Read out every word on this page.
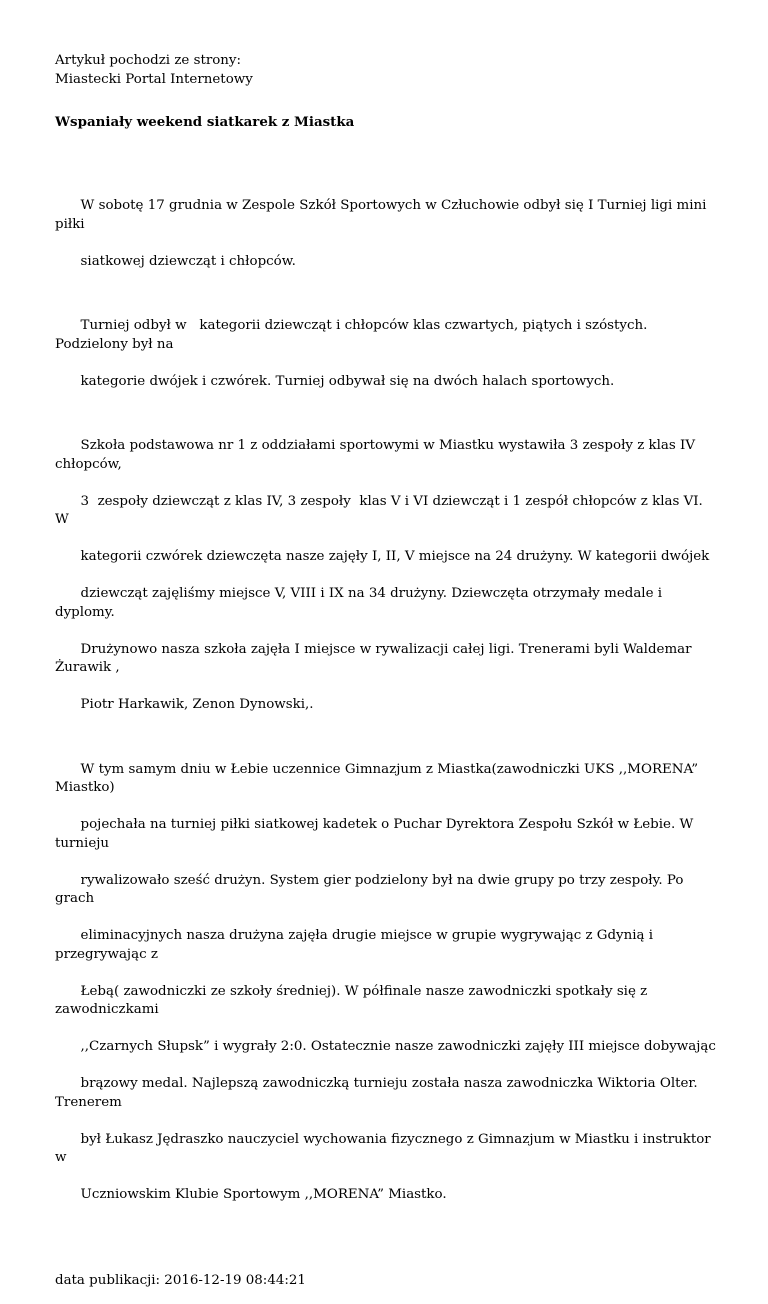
Artykuł pochodzi ze strony:

Miastecki Portal Internetowy

Wspaniały weekend siatkarek z Miastka

W sobotę 17 grudnia w Zespole Szkół Sportowych w Człuchowie odbył się I Turniej ligi mini piłki

siatkowej dziewcząt i chłopców.

Turniej odbył w   kategorii dziewcząt i chłopców klas czwartych, piątych i szóstych. Podzielony był na

kategorie dwójek i czwórek. Turniej odbywał się na dwóch halach sportowych.

Szkoła podstawowa nr 1 z oddziałami sportowymi w Miastku wystawiła 3 zespoły z klas IV chłopców,

3  zespoły dziewcząt z klas IV, 3 zespoły  klas V i VI dziewcząt i 1 zespół chłopców z klas VI. W

kategorii czwórek dziewczęta nasze zajęły I, II, V miejsce na 24 drużyny. W kategorii dwójek

dziewcząt zajęliśmy miejsce V, VIII i IX na 34 drużyny. Dziewczęta otrzymały medale i dyplomy.

Drużynowo nasza szkoła zajęła I miejsce w rywalizacji całej ligi. Trenerami byli Waldemar Żurawik ,

Piotr Harkawik, Zenon Dynowski,.

W tym samym dniu w Łebie uczennice Gimnazjum z Miastka(zawodniczki UKS ,,MORENA” Miastko)

pojechała na turniej piłki siatkowej kadetek o Puchar Dyrektora Zespołu Szkół w Łebie. W turnieju

rywalizowało sześć drużyn. System gier podzielony był na dwie grupy po trzy zespoły. Po grach

eliminacyjnych nasza drużyna zajęła drugie miejsce w grupie wygrywając z Gdynią i przegrywając z

Łebą( zawodniczki ze szkoły średniej). W półfinale nasze zawodniczki spotkały się z zawodniczkami

,,Czarnych Słupsk” i wygrały 2:0. Ostatecznie nasze zawodniczki zajęły III miejsce dobywając

brązowy medal. Najlepszą zawodniczką turnieju została nasza zawodniczka Wiktoria Olter. Trenerem

był Łukasz Jędraszko nauczyciel wychowania fizycznego z Gimnazjum w Miastku i instruktor w

Uczniowskim Klubie Sportowym ,,MORENA” Miastko.

data publikacji: 2016-12-19 08:44:21
